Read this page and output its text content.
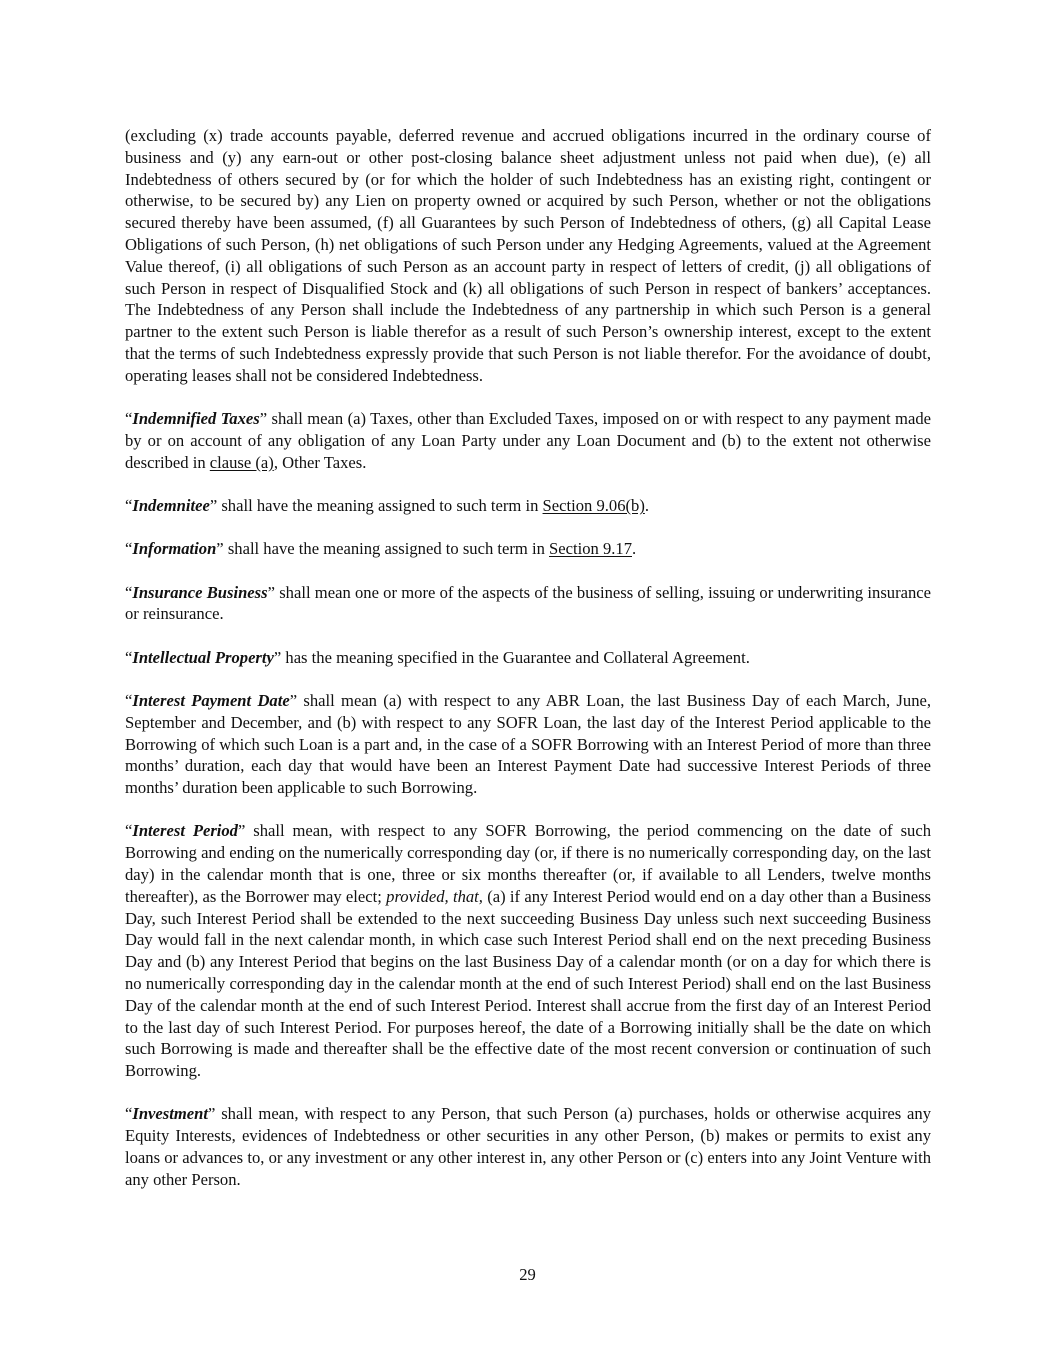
(excluding (x) trade accounts payable, deferred revenue and accrued obligations incurred in the ordinary course of business and (y) any earn-out or other post-closing balance sheet adjustment unless not paid when due), (e) all Indebtedness of others secured by (or for which the holder of such Indebtedness has an existing right, contingent or otherwise, to be secured by) any Lien on property owned or acquired by such Person, whether or not the obligations secured thereby have been assumed, (f) all Guarantees by such Person of Indebtedness of others, (g) all Capital Lease Obligations of such Person, (h) net obligations of such Person under any Hedging Agreements, valued at the Agreement Value thereof, (i) all obligations of such Person as an account party in respect of letters of credit, (j) all obligations of such Person in respect of Disqualified Stock and (k) all obligations of such Person in respect of bankers’ acceptances. The Indebtedness of any Person shall include the Indebtedness of any partnership in which such Person is a general partner to the extent such Person is liable therefor as a result of such Person’s ownership interest, except to the extent that the terms of such Indebtedness expressly provide that such Person is not liable therefor. For the avoidance of doubt, operating leases shall not be considered Indebtedness.

“Indemnified Taxes” shall mean (a) Taxes, other than Excluded Taxes, imposed on or with respect to any payment made by or on account of any obligation of any Loan Party under any Loan Document and (b) to the extent not otherwise described in clause (a), Other Taxes.

“Indemnitee” shall have the meaning assigned to such term in Section 9.06(b).

“Information” shall have the meaning assigned to such term in Section 9.17.

“Insurance Business” shall mean one or more of the aspects of the business of selling, issuing or underwriting insurance or reinsurance.

“Intellectual Property” has the meaning specified in the Guarantee and Collateral Agreement.

“Interest Payment Date” shall mean (a) with respect to any ABR Loan, the last Business Day of each March, June, September and December, and (b) with respect to any SOFR Loan, the last day of the Interest Period applicable to the Borrowing of which such Loan is a part and, in the case of a SOFR Borrowing with an Interest Period of more than three months’ duration, each day that would have been an Interest Payment Date had successive Interest Periods of three months’ duration been applicable to such Borrowing.

“Interest Period” shall mean, with respect to any SOFR Borrowing, the period commencing on the date of such Borrowing and ending on the numerically corresponding day (or, if there is no numerically corresponding day, on the last day) in the calendar month that is one, three or six months thereafter (or, if available to all Lenders, twelve months thereafter), as the Borrower may elect; provided, that, (a) if any Interest Period would end on a day other than a Business Day, such Interest Period shall be extended to the next succeeding Business Day unless such next succeeding Business Day would fall in the next calendar month, in which case such Interest Period shall end on the next preceding Business Day and (b) any Interest Period that begins on the last Business Day of a calendar month (or on a day for which there is no numerically corresponding day in the calendar month at the end of such Interest Period) shall end on the last Business Day of the calendar month at the end of such Interest Period. Interest shall accrue from the first day of an Interest Period to the last day of such Interest Period. For purposes hereof, the date of a Borrowing initially shall be the date on which such Borrowing is made and thereafter shall be the effective date of the most recent conversion or continuation of such Borrowing.

“Investment” shall mean, with respect to any Person, that such Person (a) purchases, holds or otherwise acquires any Equity Interests, evidences of Indebtedness or other securities in any other Person, (b) makes or permits to exist any loans or advances to, or any investment or any other interest in, any other Person or (c) enters into any Joint Venture with any other Person.

29
